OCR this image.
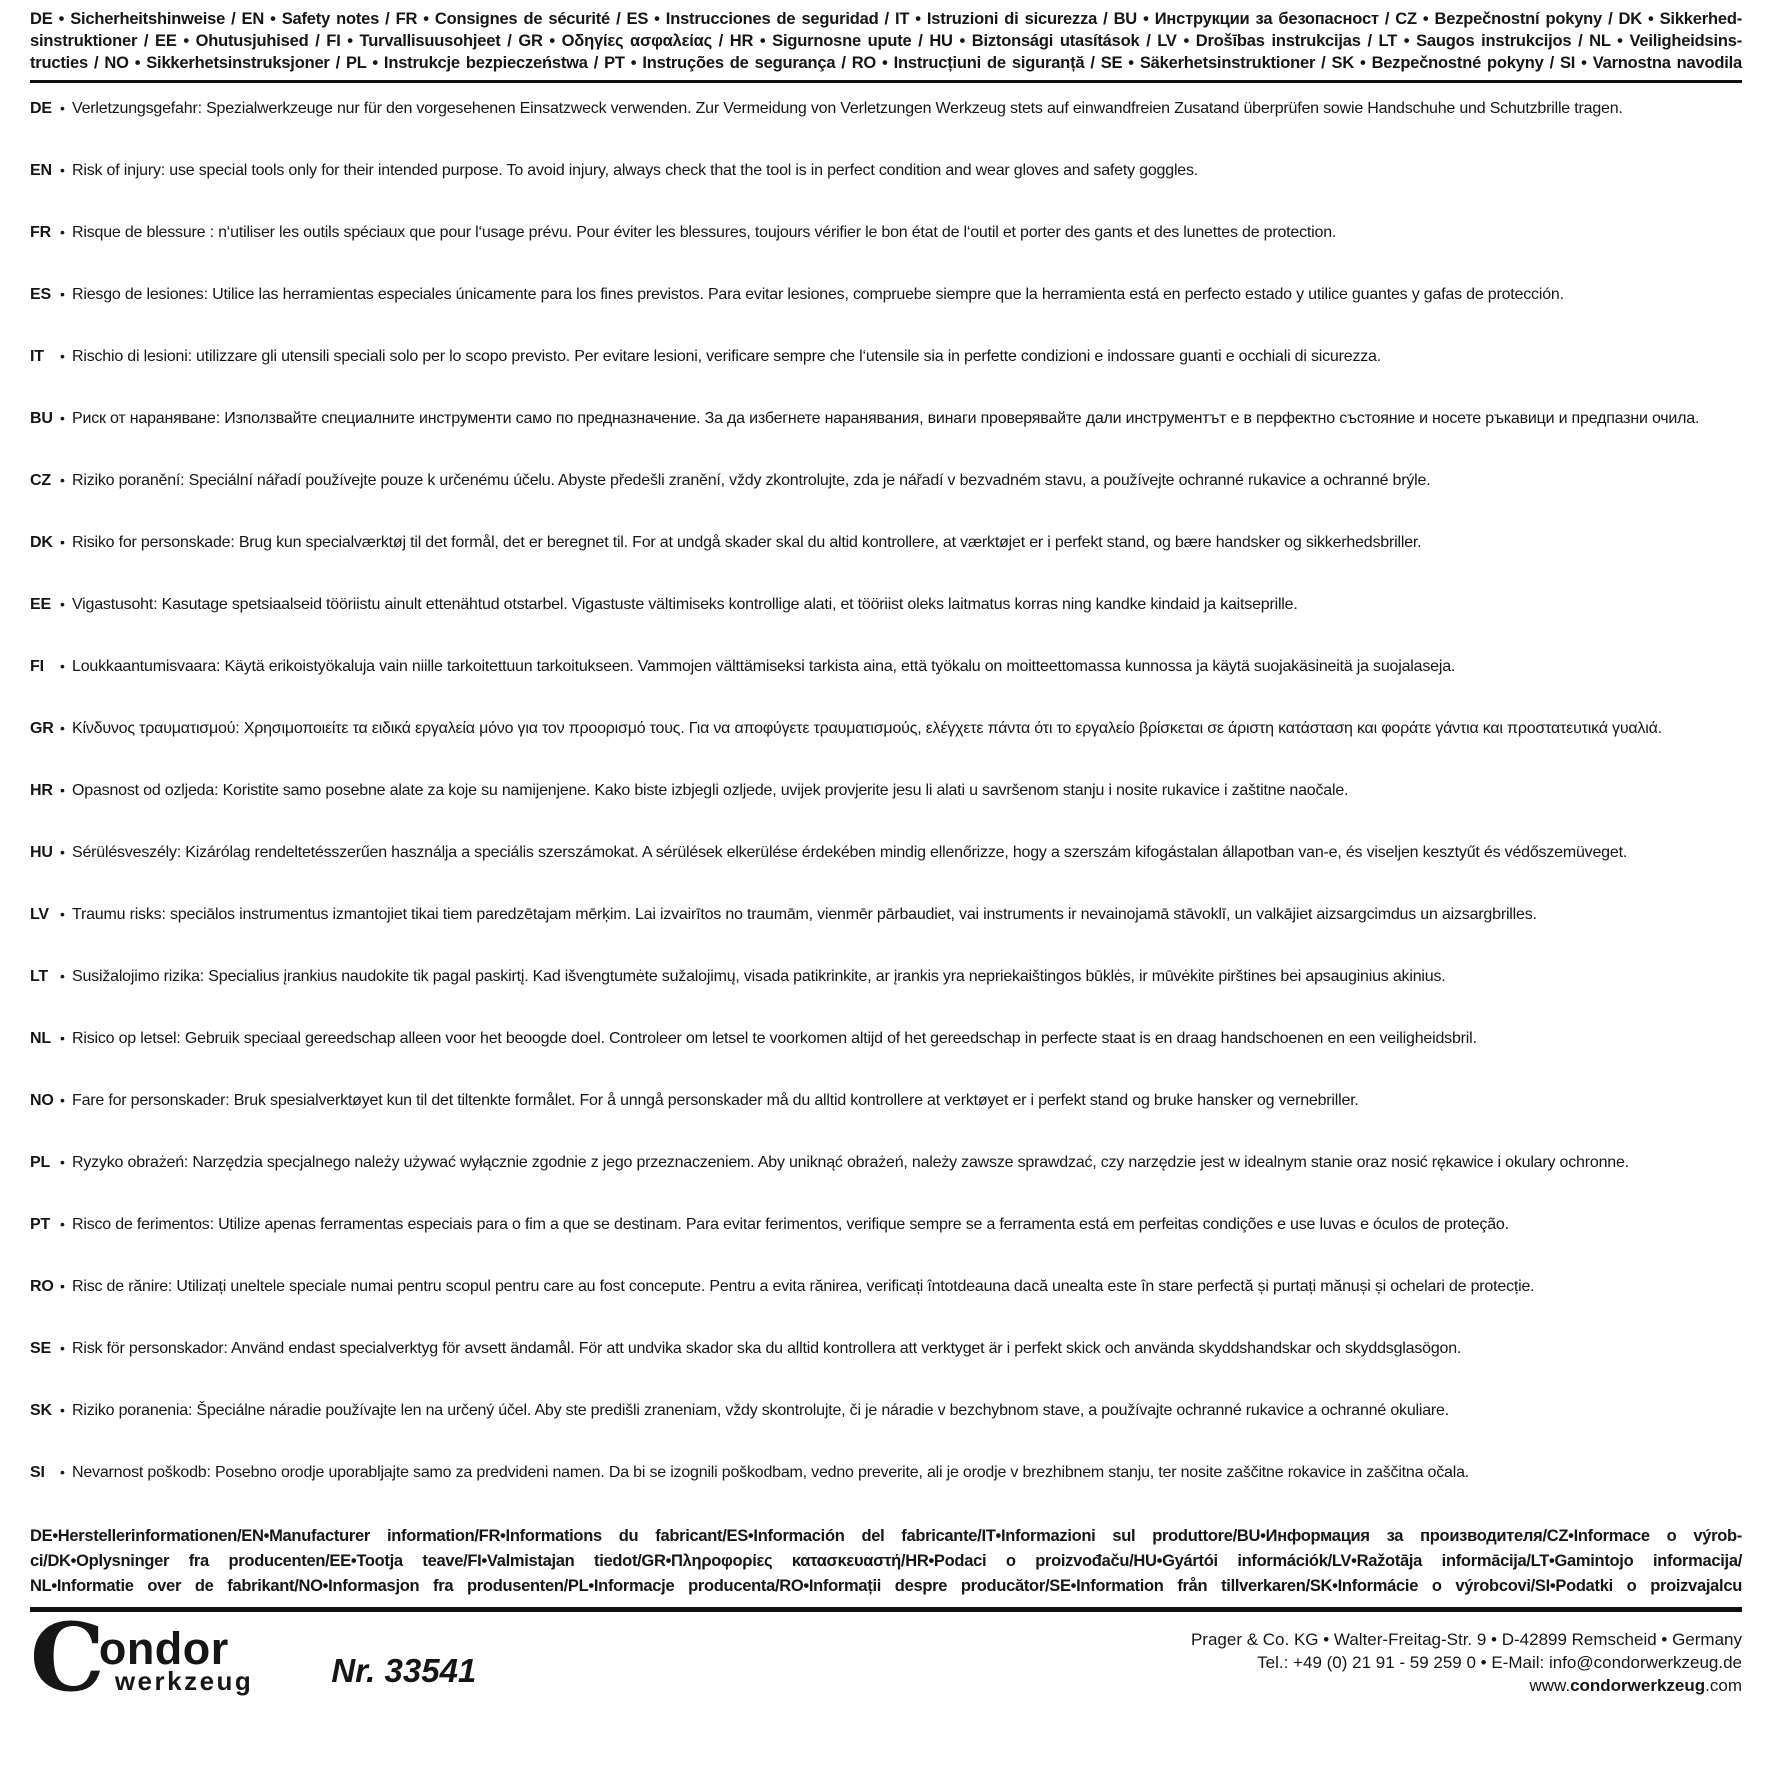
DE • Sicherheitshinweise / EN • Safety notes / FR • Consignes de sécurité / ES • Instrucciones de seguridad / IT • Istruzioni di sicurezza / BU • Инструкции за безопасност / CZ • Bezpečnostní pokyny / DK • Sikkerhed-
sinstruktioner / EE • Ohutusjuhised / FI • Turvallisuusohjeet / GR • Οδηγίες ασφαλείας / HR • Sigurnosne upute / HU • Biztonsági utasítások / LV • Drošības instrukcijas / LT • Saugos instrukcijos / NL • Veiligheidsins-
tructies / NO • Sikkerhetsinstruksjoner / PL • Instrukcje bezpieczeństwa / PT • Instruções de segurança / RO • Instrucțiuni de siguranță / SE • Säkerhetsinstruktioner / SK • Bezpečnostné pokyny / SI • Varnostna navodila

DE • Verletzungsgefahr: Spezialwerkzeuge nur für den vorgesehenen Einsatzweck verwenden. Zur Vermeidung von Verletzungen Werkzeug stets auf einwandfreien Zusatand überprüfen sowie Handschuhe und Schutzbrille tragen.

EN • Risk of injury: use special tools only for their intended purpose. To avoid injury, always check that the tool is in perfect condition and wear gloves and safety goggles.

FR • Risque de blessure : n‘utiliser les outils spéciaux que pour l‘usage prévu. Pour éviter les blessures, toujours vérifier le bon état de l‘outil et porter des gants et des lunettes de protection.

ES • Riesgo de lesiones: Utilice las herramientas especiales únicamente para los fines previstos. Para evitar lesiones, compruebe siempre que la herramienta está en perfecto estado y utilice guantes y gafas de protección.

IT • Rischio di lesioni: utilizzare gli utensili speciali solo per lo scopo previsto. Per evitare lesioni, verificare sempre che l‘utensile sia in perfette condizioni e indossare guanti e occhiali di sicurezza.

BU • Риск от нараняване: Използвайте специалните инструменти само по предназначение. За да избегнете наранявания, винаги проверявайте дали инструментът е в перфектно състояние и носете ръкавици и предпазни очила.

CZ • Riziko poranění: Speciální nářadí používejte pouze k určenému účelu. Abyste předešli zranění, vždy zkontrolujte, zda je nářadí v bezvadném stavu, a používejte ochranné rukavice a ochranné brýle.

DK • Risiko for personskade: Brug kun specialværktøj til det formål, det er beregnet til. For at undgå skader skal du altid kontrollere, at værktøjet er i perfekt stand, og bære handsker og sikkerhedsbriller.

EE • Vigastusoht: Kasutage spetsiaalseid tööriistu ainult ettenähtud otstarbel. Vigastuste vältimiseks kontrollige alati, et tööriist oleks laitmatus korras ning kandke kindaid ja kaitseprille.

FI • Loukkaantumisvaara: Käytä erikoistyökaluja vain niille tarkoitettuun tarkoitukseen. Vammojen välttämiseksi tarkista aina, että työkalu on moitteettomassa kunnossa ja käytä suojakäsineitä ja suojalaseja.

GR • Κίνδυνος τραυματισμού: Χρησιμοποιείτε τα ειδικά εργαλεία μόνο για τον προορισμό τους. Για να αποφύγετε τραυματισμούς, ελέγχετε πάντα ότι το εργαλείο βρίσκεται σε άριστη κατάσταση και φοράτε γάντια και προστατευτικά γυαλιά.

HR • Opasnost od ozljeda: Koristite samo posebne alate za koje su namijenjene. Kako biste izbjegli ozljede, uvijek provjerite jesu li alati u savršenom stanju i nosite rukavice i zaštitne naočale.

HU • Sérülésveszély: Kizárólag rendeltetésszerűen használja a speciális szerszámokat. A sérülések elkerülése érdekében mindig ellenőrizze, hogy a szerszám kifogástalan állapotban van-e, és viseljen kesztyűt és védőszemüveget.

LV • Traumu risks: speciālos instrumentus izmantojiet tikai tiem paredzētajam mērķim. Lai izvairītos no traumām, vienmēr pārbaudiet, vai instruments ir nevainojamā stāvoklī, un valkājiet aizsargcimdus un aizsargbrilles.

LT • Susižalojimo rizika: Specialius įrankius naudokite tik pagal paskirtį. Kad išvengtumėte sužalojimų, visada patikrinkite, ar įrankis yra nepriekaištingos būklės, ir mūvėkite pirštines bei apsauginius akinius.

NL • Risico op letsel: Gebruik speciaal gereedschap alleen voor het beoogde doel. Controleer om letsel te voorkomen altijd of het gereedschap in perfecte staat is en draag handschoenen en een veiligheidsbril.

NO • Fare for personskader: Bruk spesialverktøyet kun til det tiltenkte formålet. For å unngå personskader må du alltid kontrollere at verktøyet er i perfekt stand og bruke hansker og vernebriller.

PL • Ryzyko obrażeń: Narzędzia specjalnego należy używać wyłącznie zgodnie z jego przeznaczeniem. Aby uniknąć obrażeń, należy zawsze sprawdzać, czy narzędzie jest w idealnym stanie oraz nosić rękawice i okulary ochronne.

PT • Risco de ferimentos: Utilize apenas ferramentas especiais para o fim a que se destinam. Para evitar ferimentos, verifique sempre se a ferramenta está em perfeitas condições e use luvas e óculos de proteção.

RO • Risc de rănire: Utilizați uneltele speciale numai pentru scopul pentru care au fost concepute. Pentru a evita rănirea, verificați întotdeauna dacă unealta este în stare perfectă și purtați mănuși și ochelari de protecție.

SE • Risk för personskador: Använd endast specialverktyg för avsett ändamål. För att undvika skador ska du alltid kontrollera att verktyget är i perfekt skick och använda skyddshandskar och skyddsglasögon.

SK • Riziko poranenia: Špeciálne náradie používajte len na určený účel. Aby ste predišli zraneniam, vždy skontrolujte, či je náradie v bezchybnom stave, a používajte ochranné rukavice a ochranné okuliare.

SI • Nevarnost poškodb: Posebno orodje uporabljajte samo za predvideni namen. Da bi se izognili poškodbam, vedno preverite, ali je orodje v brezhibnem stanju, ter nosite zaščitne rokavice in zaščitna očala.

DE•Herstellerinformationen/EN•Manufacturer information/FR•Informations du fabricant/ES•Información del fabricante/IT•Informazioni sul produttore/BU•Информация за производителя/CZ•Informace o výrob-
ci/DK•Oplysninger fra producenten/EE•Tootja teave/FI•Valmistajan tiedot/GR•Πληροφορίες κατασκευαστή/HR•Podaci o proizvođaču/HU•Gyártói információk/LV•Ražotāja informācija/LT•Gamintojo informacija/
NL•Informatie over de fabrikant/NO•Informasjon fra produsenten/PL•Informacje producenta/RO•Informații despre producător/SE•Information från tillverkaren/SK•Informácie o výrobcovi/SI•Podatki o proizvajalcu
C
ondor
werkzeug Nr. 33541
Prager & Co. KG • Walter-Freitag-Str. 9 • D-42899 Remscheid • Germany
Tel.: +49 (0) 21 91 - 59 259 0 • E-Mail: info@condorwerkzeug.de
www.condorwerkzeug.com
